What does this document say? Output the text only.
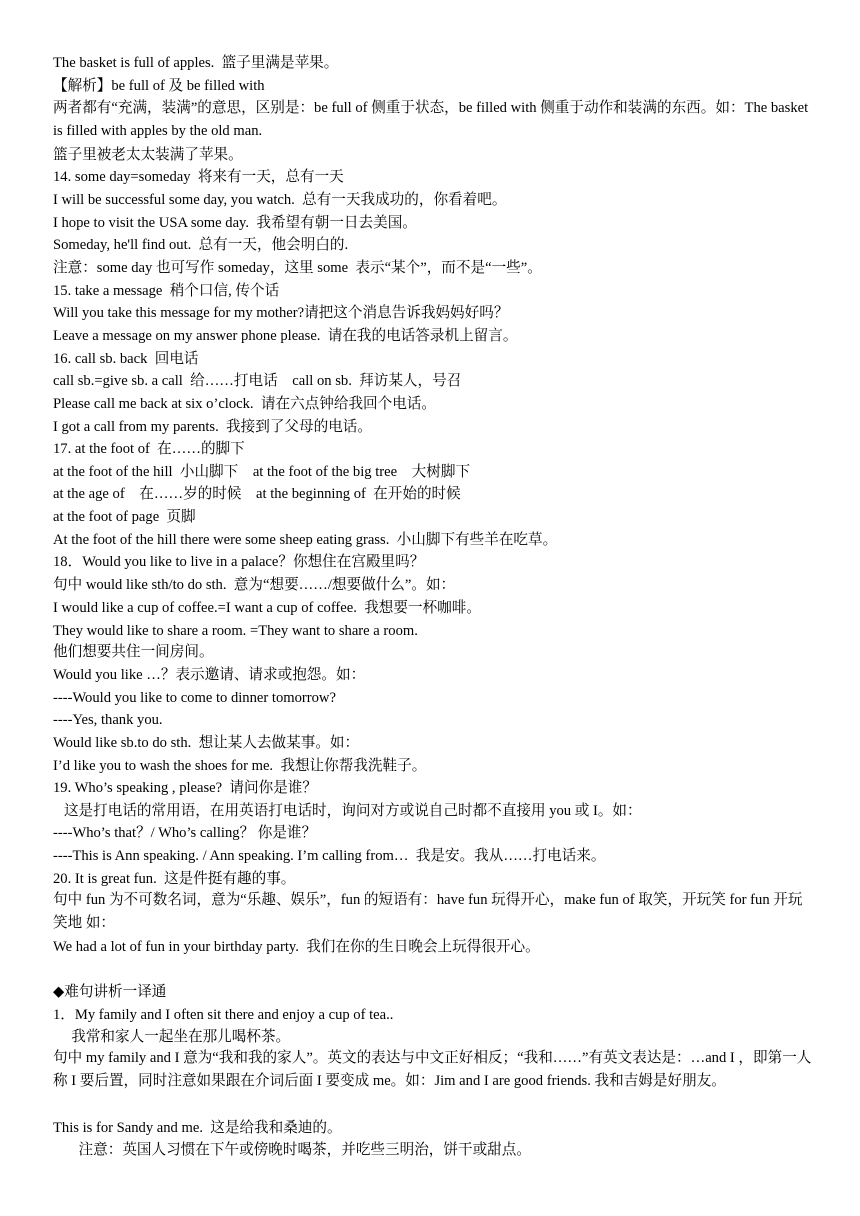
The basket is full of apples.  篮子里满是苹果。
【解析】be full of 及 be filled with
两者都有“充满，装满”的意思，区别是：be full of 侧重于状态，be filled with 侧重于动作和装满的东西。如：The basket is filled with apples by the old man.
篮子里被老太太装满了苹果。
14. some day=someday  将来有一天，总有一天
I will be successful some day, you watch.  总有一天我成功的，你看着吧。
I hope to visit the USA some day.  我希望有朝一日去美国。
Someday, he'll find out.  总有一天，他会明白的.
注意：some day 也可写作 someday，这里 some  表示“某个”，而不是“一些”。
15. take a message  稍个口信, 传个话
Will you take this message for my mother?请把这个消息告诉我妈妈好吗？
Leave a message on my answer phone please.  请在我的电话答录机上留言。
16. call sb. back  回电话
call sb.=give sb. a call  给……打电话    call on sb.  拜访某人，号召
Please call me back at six o’clock.  请在六点钟给我回个电话。
I got a call from my parents.  我接到了父母的电话。
17. at the foot of  在……的脚下
at the foot of the hill  小山脚下    at the foot of the big tree    大树脚下
at the age of    在……岁的时候    at the beginning of  在开始的时候
at the foot of page  页脚
At the foot of the hill there were some sheep eating grass.  小山脚下有些羊在吃草。
18．Would you like to live in a palace？你想住在宫殿里吗？
句中 would like sth/to do sth.  意为“想要……/想要做什么”。如：
I would like a cup of coffee.=I want a cup of coffee.  我想要一杯咖啡。
They would like to share a room. =They want to share a room.
他们想要共住一间房间。
Would you like …？表示邀请、请求或抱怨。如：
----Would you like to come to dinner tomorrow?
----Yes, thank you.
Would like sb.to do sth.  想让某人去做某事。如：
I’d like you to wash the shoes for me.  我想让你帮我洗鞋子。
19. Who’s speaking , please?  请问你是谁？
这是打电话的常用语，在用英语打电话时，询问对方或说自己时都不直接用 you 或 I。如：
----Who’s that？/ Who’s calling？ 你是谁？
----This is Ann speaking. / Ann speaking. I’m calling from…  我是安。我从……打电话来。
20. It is great fun.  这是件挺有趣的事。
句中 fun 为不可数名词，意为“乐趣、娱乐”，fun 的短语有：have fun 玩得开心，make fun of 取笑，开玩笑 for fun 开玩笑地 如：
We had a lot of fun in your birthday party.  我们在你的生日晚会上玩得很开心。
◆难句讲析一译通
1．My family and I often sit there and enjoy a cup of tea..
我常和家人一起坐在那儿喝杯茶。
句中 my family and I 意为“我和我的家人”。英文的表达与中文正好相反；“我和……”有英文表达是：…and I ，即第一人称 I 要后置，同时注意如果跟在介词后面 I 要变成 me。如：Jim and I are good friends. 我和吉姆是好朋友。
This is for Sandy and me.  这是给我和桑迪的。
注意：英国人习惯在下午或傍晚时喝茶，并吃些三明治，饼干或甜点。
